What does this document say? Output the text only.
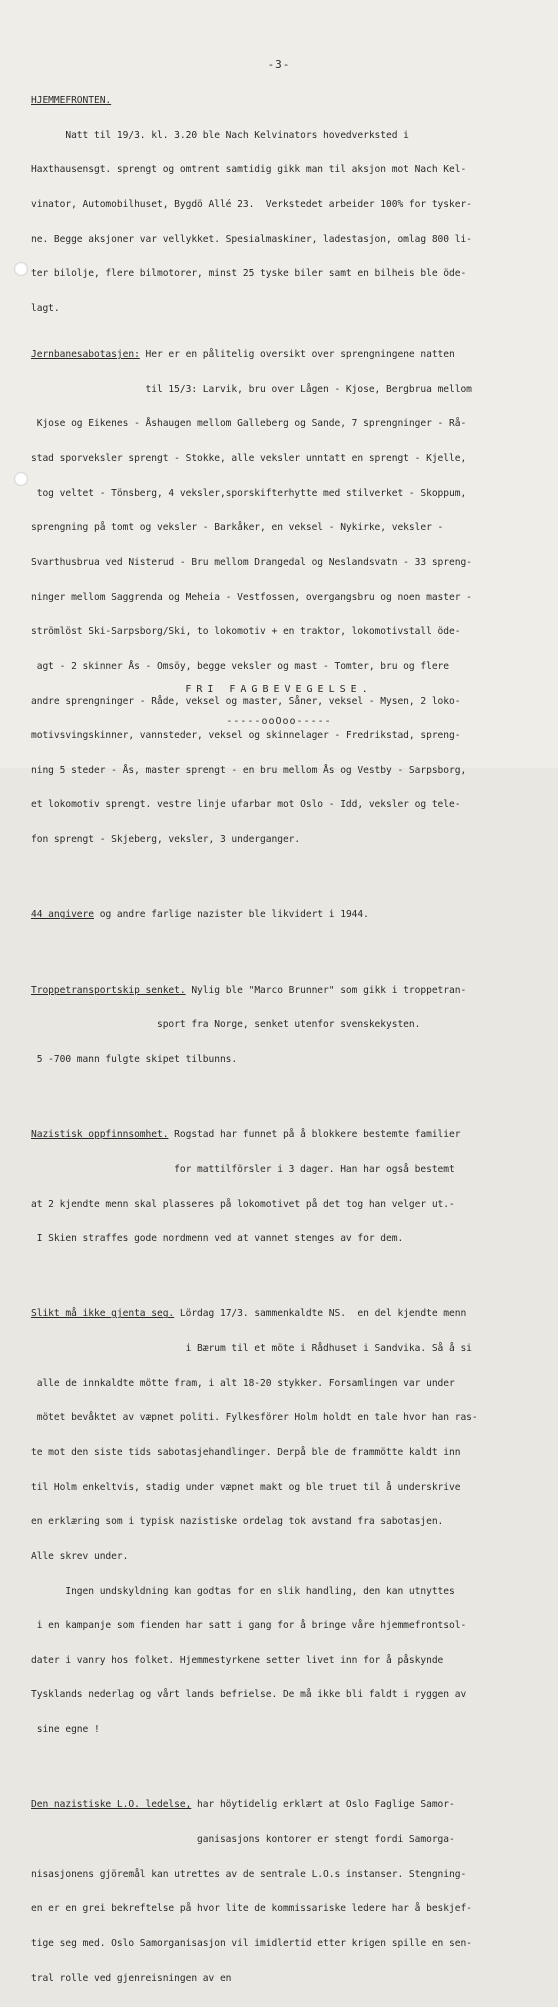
-3-

HJEMMEFRONTEN.

Natt til 19/3. kl. 3.20 ble Nach Kelvinators hovedverksted i

Haxthausensgt. sprengt og omtrent samtidig gikk man til aksjon mot Nach Kel-

vinator, Automobilhuset, Bygdö Allé 23.  Verkstedet arbeider 100% for tysker-

ne. Begge aksjoner var vellykket. Spesialmaskiner, ladestasjon, omlag 800 li-

ter bilolje, flere bilmotorer, minst 25 tyske biler samt en bilheis ble öde-

lagt.

Jernbanesabotasjen: Her er en pålitelig oversikt over sprengningene natten

til 15/3: Larvik, bru over Lågen - Kjose, Bergbrua mellom

Kjose og Eikenes - Åshaugen mellom Galleberg og Sande, 7 sprengninger - Rå-

stad sporveksler sprengt - Stokke, alle veksler unntatt en sprengt - Kjelle,

tog veltet - Tönsberg, 4 veksler,sporskifterhytte med stilverket - Skoppum,

sprengning på tomt og veksler - Barkåker, en veksel - Nykirke, veksler -

Svarthusbrua ved Nisterud - Bru mellom Drangedal og Neslandsvatn - 33 spreng-

ninger mellom Saggrenda og Meheia - Vestfossen, overgangsbru og noen master -

strömlöst Ski-Sarpsborg/Ski, to lokomotiv + en traktor, lokomotivstall öde-

agt - 2 skinner Ås - Omsöy, begge veksler og mast - Tomter, bru og flere

andre sprengninger - Råde, veksel og master, Såner, veksel - Mysen, 2 loko-

motivsvingskinner, vannsteder, veksel og skinnelager - Fredrikstad, spreng-

ning 5 steder - Ås, master sprengt - en bru mellom Ås og Vestby - Sarpsborg,

et lokomotiv sprengt. vestre linje ufarbar mot Oslo - Idd, veksler og tele-

fon sprengt - Skjeberg, veksler, 3 underganger.

44 angivere og andre farlige nazister ble likvidert i 1944.

Troppetransportskip senket. Nylig ble "Marco Brunner" som gikk i troppetran-

sport fra Norge, senket utenfor svenskekysten.

5 -700 mann fulgte skipet tilbunns.

Nazistisk oppfinnsomhet. Rogstad har funnet på å blokkere bestemte familier

for mattilförsler i 3 dager. Han har også bestemt

at 2 kjendte menn skal plasseres på lokomotivet på det tog han velger ut.-

I Skien straffes gode nordmenn ved at vannet stenges av for dem.

Slikt må ikke gjenta seg. Lördag 17/3. sammenkaldte NS.  en del kjendte menn

i Bærum til et möte i Rådhuset i Sandvika. Så å si

alle de innkaldte mötte fram, i alt 18-20 stykker. Forsamlingen var under

mötet bevåktet av væpnet politi. Fylkesförer Holm holdt en tale hvor han ras-

te mot den siste tids sabotasjehandlinger. Derpå ble de frammötte kaldt inn

til Holm enkeltvis, stadig under væpnet makt og ble truet til å underskrive

en erklæring som i typisk nazistiske ordelag tok avstand fra sabotasjen.

Alle skrev under.

Ingen undskyldning kan godtas for en slik handling, den kan utnyttes

i en kampanje som fienden har satt i gang for å bringe våre hjemmefrontsol-

dater i vanry hos folket. Hjemmestyrkene setter livet inn for å påskynde

Tysklands nederlag og vårt lands befrielse. De må ikke bli faldt i ryggen av

sine egne !

Den nazistiske L.O. ledelse, har höytidelig erklært at Oslo Faglige Samor-

ganisasjons kontorer er stengt fordi Samorga-

nisasjonens gjöremål kan utrettes av de sentrale L.O.s instanser. Stengning-

en er en grei bekreftelse på hvor lite de kommissariske ledere har å beskjef-

tige seg med. Oslo Samorganisasjon vil imidlertid etter krigen spille en sen-

tral rolle ved gjenreisningen av en

FRI FAGBEVEGELSE.
-----ooOoo-----
